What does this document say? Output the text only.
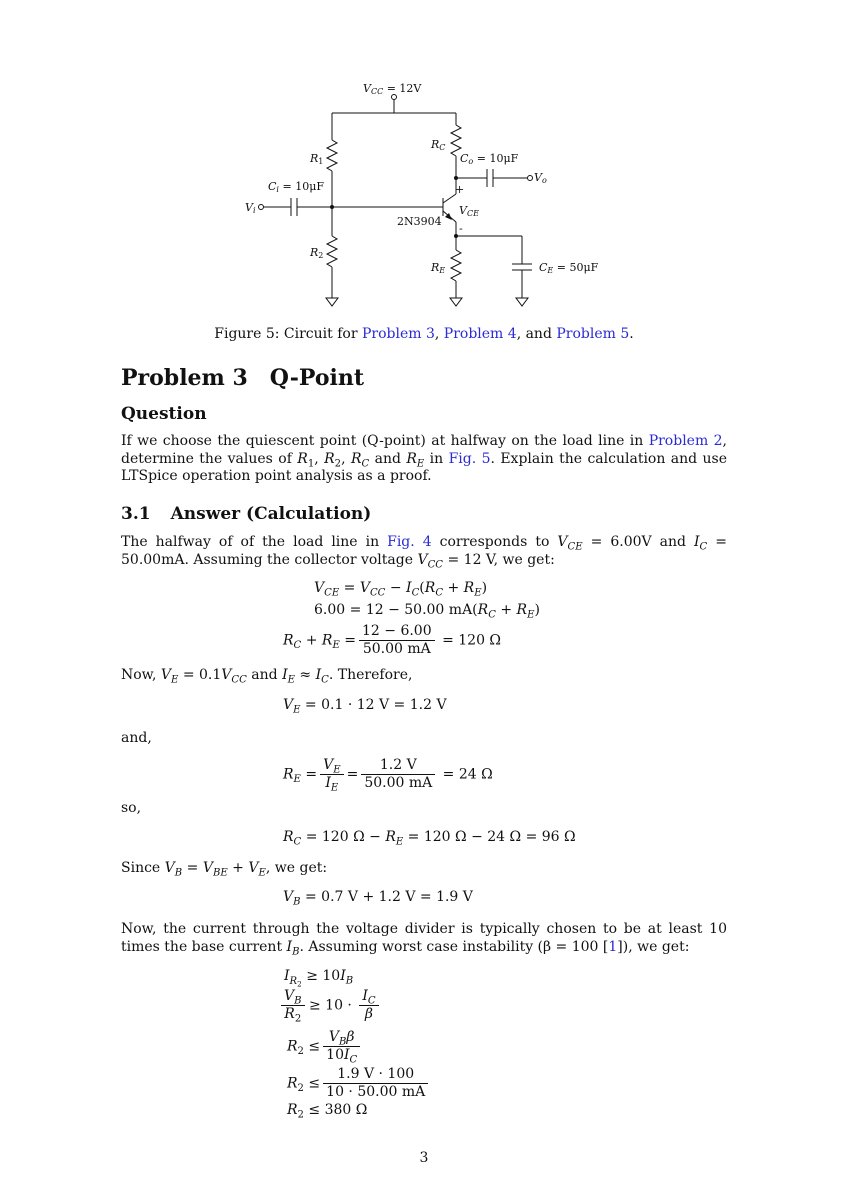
VCC = 12V
R1
R2
RC
RE
Ci = 10μF
Co = 10μF
CE = 50μF
Vi
Vo
VCE
2N3904
+
-
Figure 5: Circuit for Problem 3, Problem 4, and Problem 5.
Problem 3 Q-Point
Question
If we choose the quiescent point (Q-point) at halfway on the load line in Problem 2, determine the values of $R_1$, $R_2$, $R_C$ and $R_E$ in Fig. 5. Explain the calculation and use LTSpice operation point analysis as a proof.
3.1 Answer (Calculation)
The halfway of of the load line in Fig. 4 corresponds to $V_{CE} = 6.00V$ and $I_C = 50.00mA$. Assuming the collector voltage $V_{CC} = 12$ V, we get:
$V_{CE} = V_{CC} - I_C(R_C + R_E)$
6.00 = 12 − 50.00 $mA(R_C + R_E)$
$R_C + R_E = \frac{12 - 6.00}{50.00 mA} = 120$ Ω
Now, $V_E = 0.1V_{CC}$ and $I_E \approx I_C$. Therefore,
$V_E = 0.1 \cdot 12$ V = 1.2 V
and,
$R_E = \frac{V_E}{I_E} = \frac{1.2 V}{50.00 mA} = 24$ Ω
so,
$R_C = 120$ $\Omega - R_E = 120$ Ω − 24 Ω = 96 Ω
Since $V_B = V_{BE} + V_E$, we get:
$V_B = 0.7$ V + 1.2 V = 1.9 V
Now, the current through the voltage divider is typically chosen to be at least 10 times the base current $I_B$. Assuming worst case instability (β = 100 [1]), we get:
$I_{R_2} \ge 10I_B$
$\frac{V_B}{R_2} \ge 10 \cdot \frac{I_C}{\beta}$
$R_2 \le \frac{V_B\beta}{10I_C}$
$R_2 \le \frac{1.9 V \cdot 100}{10 \cdot 50.00 mA}$
$R_2 \le 380$ Ω
3
